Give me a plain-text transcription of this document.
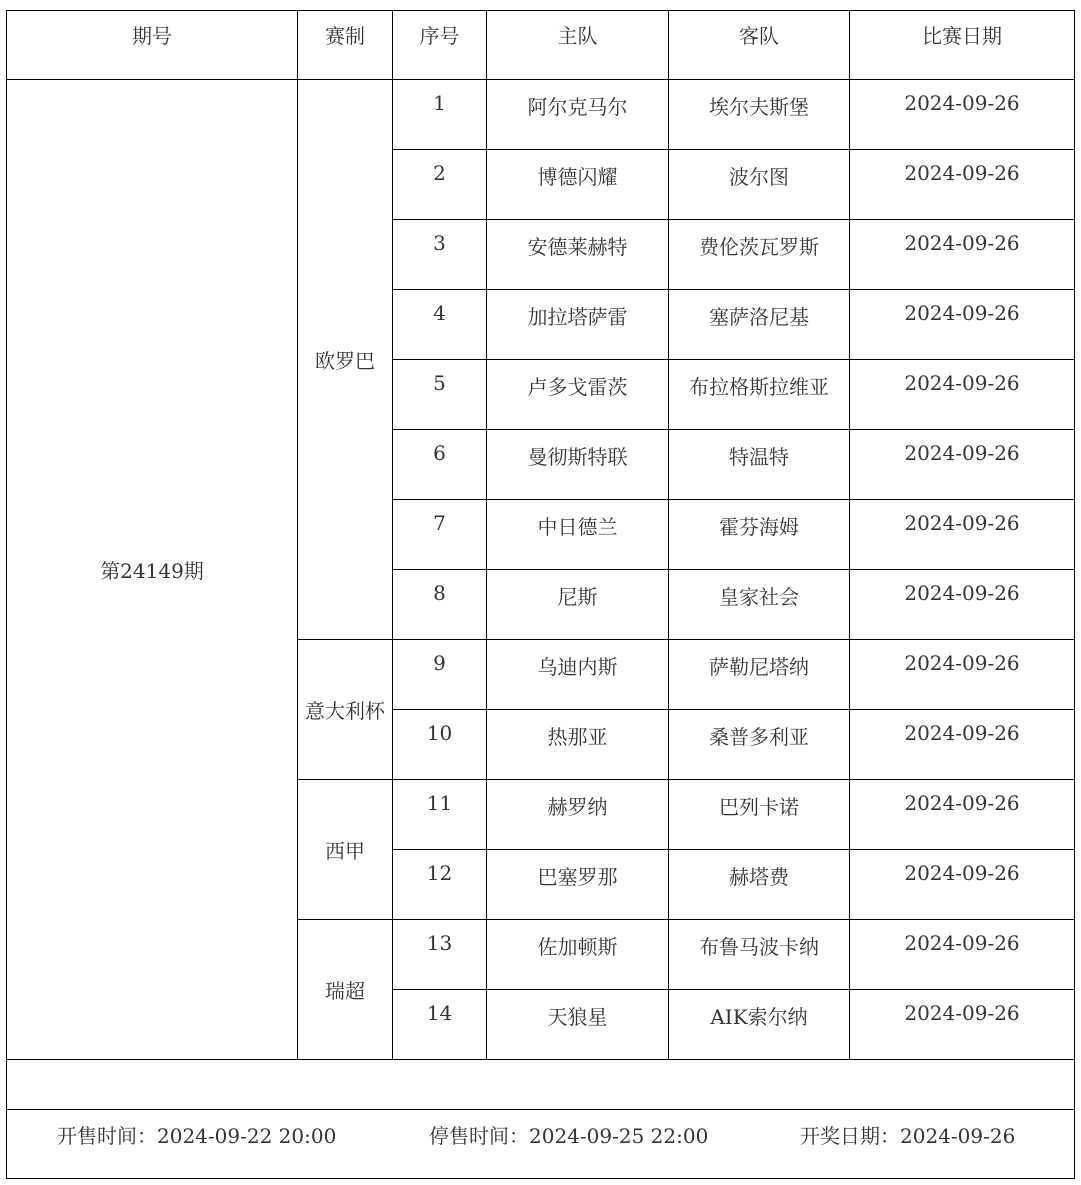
期号	赛制	序号	主队	客队	比赛日期
第24149期	欧罗巴	1	阿尔克马尔	埃尔夫斯堡	2024-09-26
		2	博德闪耀	波尔图	2024-09-26
		3	安德莱赫特	费伦茨瓦罗斯	2024-09-26
		4	加拉塔萨雷	塞萨洛尼基	2024-09-26
		5	卢多戈雷茨	布拉格斯拉维亚	2024-09-26
		6	曼彻斯特联	特温特	2024-09-26
		7	中日德兰	霍芬海姆	2024-09-26
		8	尼斯	皇家社会	2024-09-26
	意大利杯	9	乌迪内斯	萨勒尼塔纳	2024-09-26
		10	热那亚	桑普多利亚	2024-09-26
	西甲	11	赫罗纳	巴列卡诺	2024-09-26
		12	巴塞罗那	赫塔费	2024-09-26
	瑞超	13	佐加顿斯	布鲁马波卡纳	2024-09-26
		14	天狼星	AIK索尔纳	2024-09-26

开售时间：2024-09-22 20:00 停售时间：2024-09-25 22:00 开奖日期：2024-09-26					
